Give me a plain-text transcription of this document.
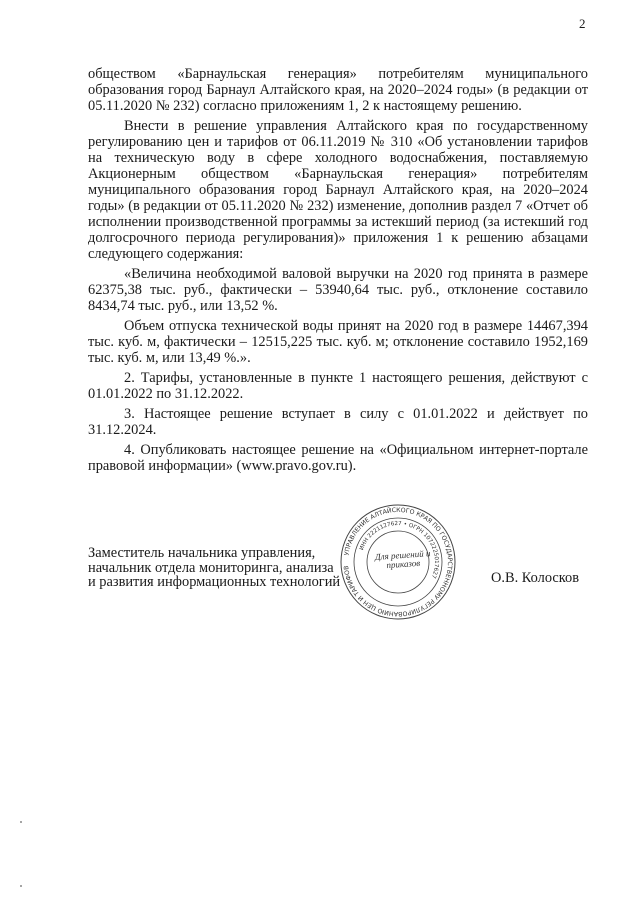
2

обществом «Барнаульская генерация» потребителям муниципального образования город Барнаул Алтайского края, на 2020–2024 годы» (в редакции от 05.11.2020 № 232) согласно приложениям 1, 2 к настоящему решению.

Внести в решение управления Алтайского края по государственному регулированию цен и тарифов от 06.11.2019 № 310 «Об установлении тарифов на техническую воду в сфере холодного водоснабжения, поставляемую Акционерным обществом «Барнаульская генерация» потребителям муниципального образования город Барнаул Алтайского края, на 2020–2024 годы» (в редакции от 05.11.2020 № 232) изменение, дополнив раздел 7 «Отчет об исполнении производственной программы за истекший период (за истекший год долгосрочного периода регулирования)» приложения 1 к решению абзацами следующего содержания:

«Величина необходимой валовой выручки на 2020 год принята в размере 62375,38 тыс. руб., фактически – 53940,64 тыс. руб., отклонение составило 8434,74 тыс. руб., или 13,52 %.

Объем отпуска технической воды принят на 2020 год в размере 14467,394 тыс. куб. м, фактически – 12515,225 тыс. куб. м; отклонение составило 1952,169 тыс. куб. м, или 13,49 %.».

2. Тарифы, установленные в пункте 1 настоящего решения, действуют с 01.01.2022 по 31.12.2022.

3. Настоящее решение вступает в силу с 01.01.2022 и действует по 31.12.2024.

4. Опубликовать настоящее решение на «Официальном интернет-портале правовой информации» (www.pravo.gov.ru).

УПРАВЛЕНИЕ АЛТАЙСКОГО КРАЯ ПО ГОСУДАРСТВЕННОМУ РЕГУЛИРОВАНИЮ ЦЕН И ТАРИФОВ
ИНН 2221127627 • ОГРН 1072225017627
Для решений и приказов

Заместитель начальника управления,

начальник отдела мониторинга, анализа

и развития информационных технологий	О.В. Колосков
